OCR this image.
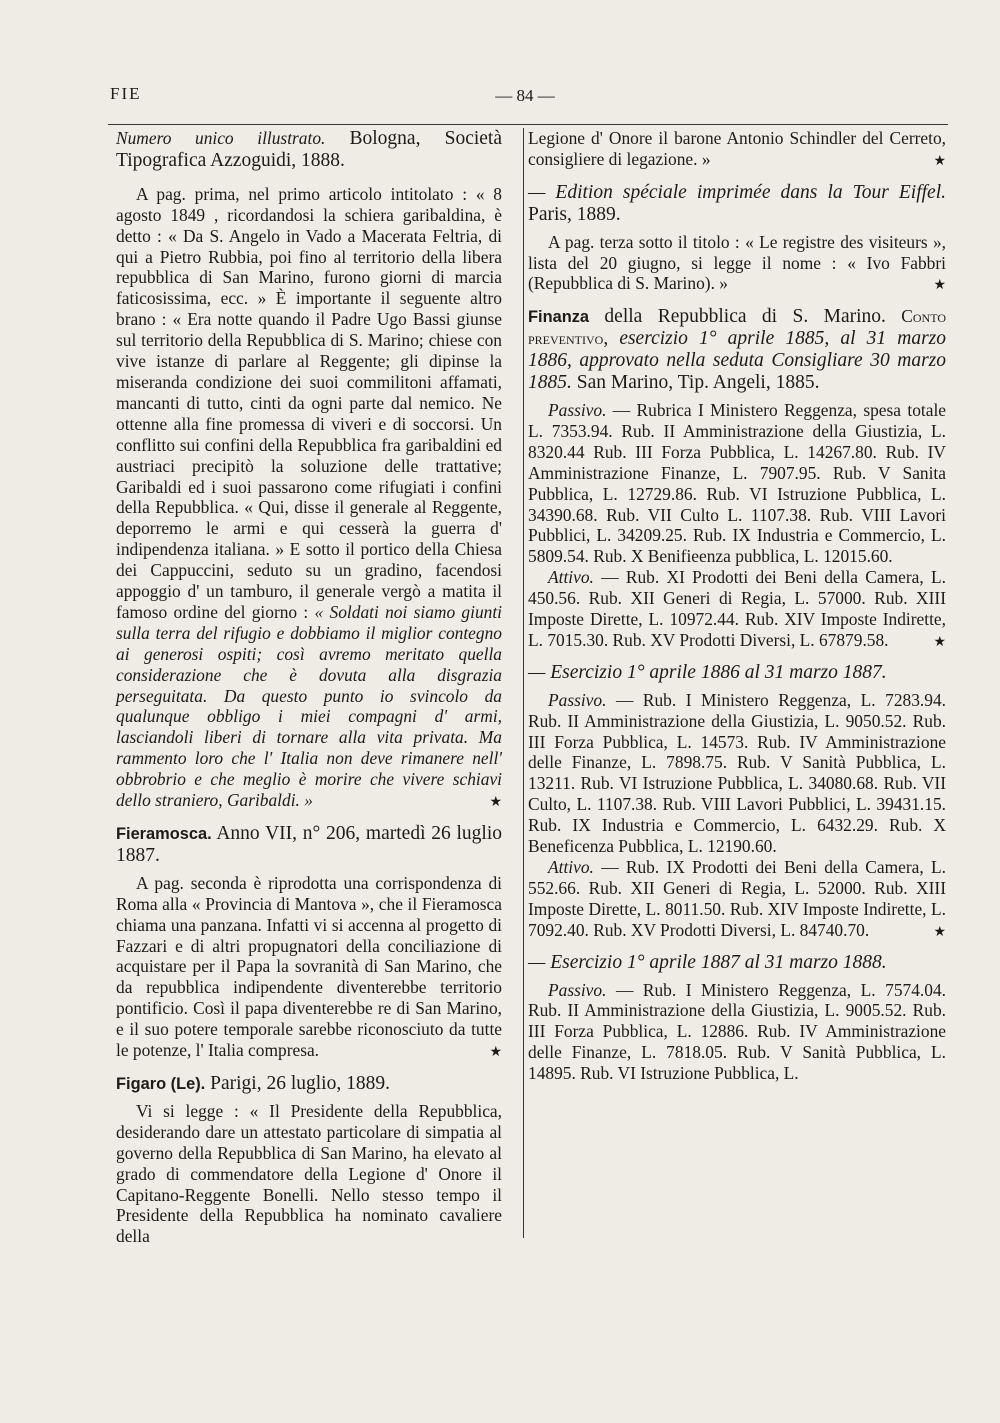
FIE	— 84 —

Numero unico illustrato. Bologna, Società Tipografica Azzoguidi, 1888.

A pag. prima, nel primo articolo intitolato : « 8 agosto 1849 , ricordandosi la schiera garibaldina, è detto : « Da S. Angelo in Vado a Macerata Feltria, di qui a Pietro Rubbia, poi fino al territorio della libera repubblica di San Marino, furono giorni di marcia faticosissima, ecc. » È importante il seguente altro brano : « Era notte quando il Padre Ugo Bassi giunse sul territorio della Repubblica di S. Marino; chiese con vive istanze di parlare al Reggente; gli dipinse la miseranda condizione dei suoi commilitoni affamati, mancanti di tutto, cinti da ogni parte dal nemico. Ne ottenne alla fine promessa di viveri e di soccorsi. Un conflitto sui confini della Repubblica fra garibaldini ed austriaci precipitò la soluzione delle trattative; Garibaldi ed i suoi passarono come rifugiati i confini della Repubblica. « Qui, disse il generale al Reggente, deporremo le armi e qui cesserà la guerra d' indipendenza italiana. » E sotto il portico della Chiesa dei Cappuccini, seduto su un gradino, facendosi appoggio d' un tamburo, il generale vergò a matita il famoso ordine del giorno : « Soldati noi siamo giunti sulla terra del rifugio e dobbiamo il miglior contegno ai generosi ospiti; così avremo meritato quella considerazione che è dovuta alla disgrazia perseguitata. Da questo punto io svincolo da qualunque obbligo i miei compagni d' armi, lasciandoli liberi di tornare alla vita privata. Ma rammento loro che l' Italia non deve rimanere nell' obbrobrio e che meglio è morire che vivere schiavi dello straniero, Garibaldi. »	★

Fieramosca. Anno VII, n° 206, martedì 26 luglio 1887.

A pag. seconda è riprodotta una corrispondenza di Roma alla « Provincia di Mantova », che il Fieramosca chiama una panzana. Infatti vi si accenna al progetto di Fazzari e di altri propugnatori della conciliazione di acquistare per il Papa la sovranità di San Marino, che da repubblica indipendente diventerebbe territorio pontificio. Così il papa diventerebbe re di San Marino, e il suo potere temporale sarebbe riconosciuto da tutte le potenze, l' Italia compresa.	★

Figaro (Le). Parigi, 26 luglio, 1889.

Vi si legge : « Il Presidente della Repubblica, desiderando dare un attestato particolare di simpatia al governo della Repubblica di San Marino, ha elevato al grado di commendatore della Legione d' Onore il Capitano-Reggente Bonelli. Nello stesso tempo il Presidente della Repubblica ha nominato cavaliere della

Legione d' Onore il barone Antonio Schindler del Cerreto, consigliere di legazione. »	★

— Edition spéciale imprimée dans la Tour Eiffel. Paris, 1889.

A pag. terza sotto il titolo : « Le registre des visiteurs », lista del 20 giugno, si legge il nome : « Ivo Fabbri (Repubblica di S. Marino). »	★

Finanza della Repubblica di S. Marino. Conto preventivo, esercizio 1° aprile 1885, al 31 marzo 1886, approvato nella seduta Consigliare 30 marzo 1885. San Marino, Tip. Angeli, 1885.

Passivo. — Rubrica I Ministero Reggenza, spesa totale L. 7353.94. Rub. II Amministrazione della Giustizia, L. 8320.44 Rub. III Forza Pubblica, L. 14267.80. Rub. IV Amministrazione Finanze, L. 7907.95. Rub. V Sanita Pubblica, L. 12729.86. Rub. VI Istruzione Pubblica, L. 34390.68. Rub. VII Culto L. 1107.38. Rub. VIII Lavori Pubblici, L. 34209.25. Rub. IX Industria e Commercio, L. 5809.54. Rub. X Benifieenza pubblica, L. 12015.60.

Attivo. — Rub. XI Prodotti dei Beni della Camera, L. 450.56. Rub. XII Generi di Regia, L. 57000. Rub. XIII Imposte Dirette, L. 10972.44. Rub. XIV Imposte Indirette, L. 7015.30. Rub. XV Prodotti Diversi, L. 67879.58.	★

— Esercizio 1° aprile 1886 al 31 marzo 1887.

Passivo. — Rub. I Ministero Reggenza, L. 7283.94. Rub. II Amministrazione della Giustizia, L. 9050.52. Rub. III Forza Pubblica, L. 14573. Rub. IV Amministrazione delle Finanze, L. 7898.75. Rub. V Sanità Pubblica, L. 13211. Rub. VI Istruzione Pubblica, L. 34080.68. Rub. VII Culto, L. 1107.38. Rub. VIII Lavori Pubblici, L. 39431.15. Rub. IX Industria e Commercio, L. 6432.29. Rub. X Beneficenza Pubblica, L. 12190.60.

Attivo. — Rub. IX Prodotti dei Beni della Camera, L. 552.66. Rub. XII Generi di Regia, L. 52000. Rub. XIII Imposte Dirette, L. 8011.50. Rub. XIV Imposte Indirette, L. 7092.40. Rub. XV Prodotti Diversi, L. 84740.70.	★

— Esercizio 1° aprile 1887 al 31 marzo 1888.

Passivo. — Rub. I Ministero Reggenza, L. 7574.04. Rub. II Amministrazione della Giustizia, L. 9005.52. Rub. III Forza Pubblica, L. 12886. Rub. IV Amministrazione delle Finanze, L. 7818.05. Rub. V Sanità Pubblica, L. 14895. Rub. VI Istruzione Pubblica, L.
